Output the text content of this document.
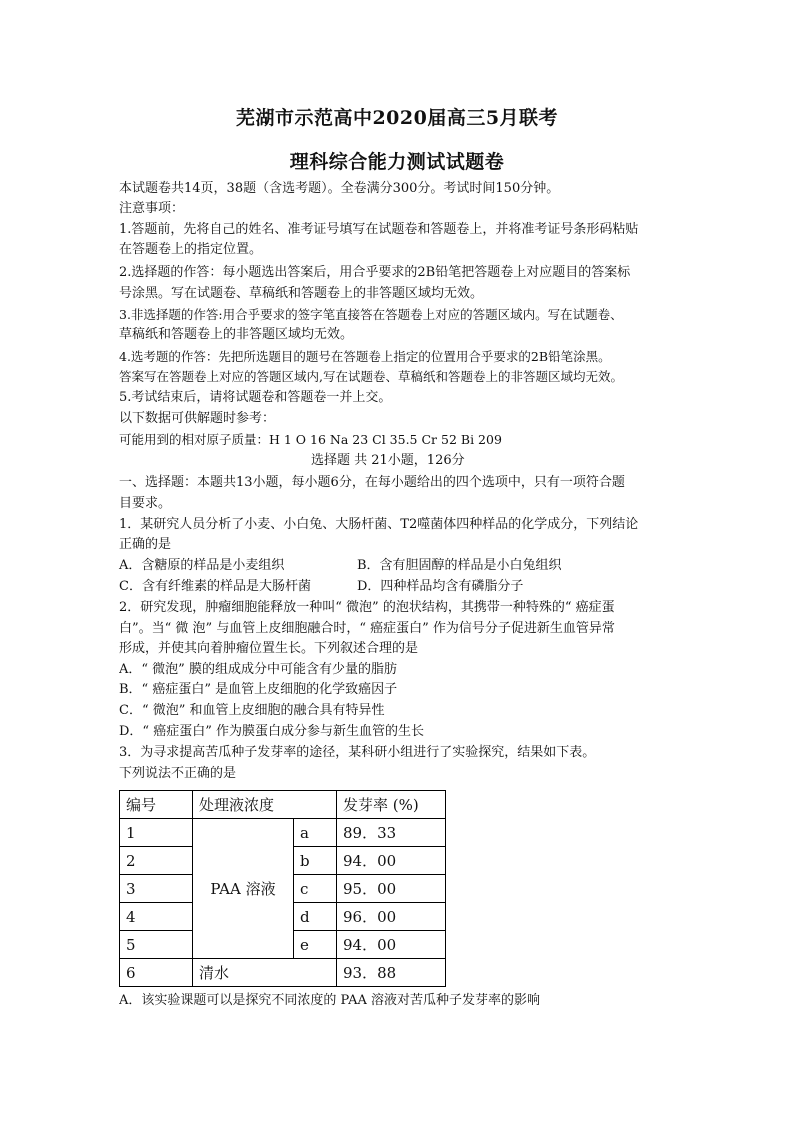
芜湖市示范高中2020届高三5月联考
理科综合能力测试试题卷
本试题卷共14页，38题（含选考题）。全卷满分300分。考试时间150分钟。
注意事项：
1.答题前，先将自己的姓名、准考证号填写在试题卷和答题卷上，并将准考证号条形码粘贴
在答题卷上的指定位置。
2.选择题的作答：每小题选出答案后，用合乎要求的2B铅笔把答题卷上对应题目的答案标
号涂黑。写在试题卷、草稿纸和答题卷上的非答题区域均无效。
3.非选择题的作答:用合乎要求的签字笔直接答在答题卷上对应的答题区域内。写在试题卷、
草稿纸和答题卷上的非答题区域均无效。
4.选考题的作答：先把所选题目的题号在答题卷上指定的位置用合乎要求的2B铅笔涂黑。
答案写在答题卷上对应的答题区域内,写在试题卷、草稿纸和答题卷上的非答题区域均无效。
5.考试结束后，请将试题卷和答题卷一并上交。
以下数据可供解题时参考：
可能用到的相对原子质量：H 1 O 16 Na 23 Cl 35.5 Cr 52 Bi 209
选择题 共 21小题，126分
一、选择题：本题共13小题，每小题6分，在每小题给出的四个选项中，只有一项符合题
目要求。
1．某研究人员分析了小麦、小白兔、大肠杆菌、T2噬菌体四种样品的化学成分，下列结论
正确的是
A．含糖原的样品是小麦组织	B．含有胆固醇的样品是小白兔组织
C．含有纤维素的样品是大肠杆菌	D．四种样品均含有磷脂分子
2．研究发现，肿瘤细胞能释放一种叫“ 微泡” 的泡状结构，其携带一种特殊的“ 癌症蛋
白”。当“ 微 泡” 与血管上皮细胞融合时，“ 癌症蛋白” 作为信号分子促进新生血管异常
形成，并使其向着肿瘤位置生长。下列叙述合理的是
A．“ 微泡” 膜的组成成分中可能含有少量的脂肪
B．“ 癌症蛋白” 是血管上皮细胞的化学致癌因子
C．“ 微泡” 和血管上皮细胞的融合具有特异性
D．“ 癌症蛋白” 作为膜蛋白成分参与新生血管的生长
3．为寻求提高苦瓜种子发芽率的途径，某科研小组进行了实验探究，结果如下表。
下列说法不正确的是
编号	处理液浓度		发芽率 (%)
1	PAA 溶液	a	89．33
2		b	94．00
3		c	95．00
4		d	96．00
5		e	94．00
6	清水		93．88
A．该实验课题可以是探究不同浓度的 PAA 溶液对苦瓜种子发芽率的影响
